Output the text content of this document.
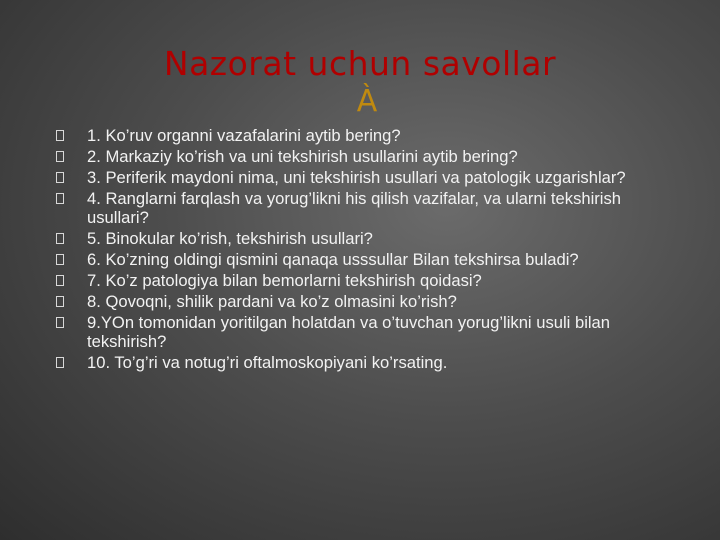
Nazorat uchun savollar
À
1. Ko’ruv organni vazafalarini aytib bering?
2. Markaziy ko’rish va uni tekshirish usullarini aytib bering?
3. Periferik maydoni nima, uni tekshirish usullari va patologik uzgarishlar?
4. Ranglarni farqlash va yorug’likni his qilish vazifalar, va ularni tekshirish usullari?
5. Binokular ko’rish, tekshirish usullari?
6. Ko’zning oldingi qismini qanaqa usssullar Bilan tekshirsa buladi?
7. Ko’z patologiya bilan bemorlarni tekshirish qoidasi?
8. Qovoqni, shilik pardani va ko’z olmasini ko’rish?
9.YOn tomonidan yoritilgan holatdan va o’tuvchan yorug’likni usuli bilan tekshirish?
10. To’g’ri va notug’ri oftalmoskopiyani ko’rsating.
